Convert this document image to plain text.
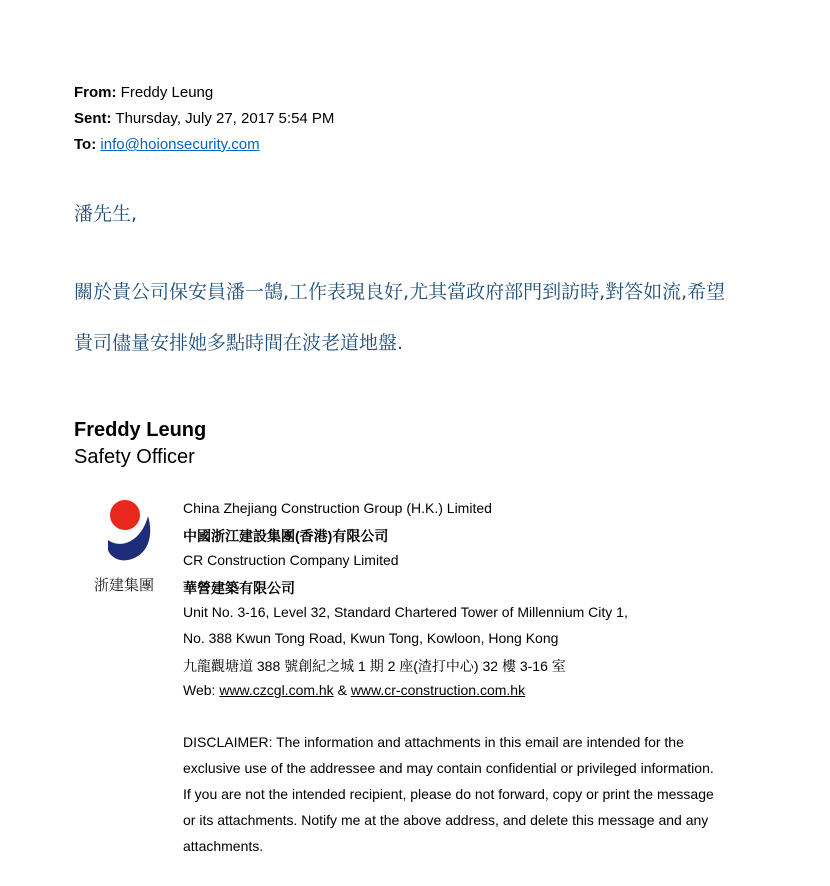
From: Freddy Leung
Sent: Thursday, July 27, 2017 5:54 PM
To: info@hoionsecurity.com
潘先生,
關於貴公司保安員潘一鵠,工作表現良好,尤其當政府部門到訪時,對答如流,希望
貴司儘量安排她多點時間在波老道地盤.
Freddy Leung
Safety Officer
浙建集團
China Zhejiang Construction Group (H.K.) Limited
中國浙江建設集團(香港)有限公司
CR Construction Company Limited
華營建築有限公司
Unit No. 3-16, Level 32, Standard Chartered Tower of Millennium City 1,
No. 388 Kwun Tong Road, Kwun Tong, Kowloon, Hong Kong
九龍觀塘道 388 號創紀之城 1 期 2 座(渣打中心) 32 樓 3-16 室
Web: www.czcgl.com.hk & www.cr-construction.com.hk
DISCLAIMER: The information and attachments in this email are intended for the
exclusive use of the addressee and may contain confidential or privileged information.
If you are not the intended recipient, please do not forward, copy or print the message
or its attachments. Notify me at the above address, and delete this message and any
attachments.
